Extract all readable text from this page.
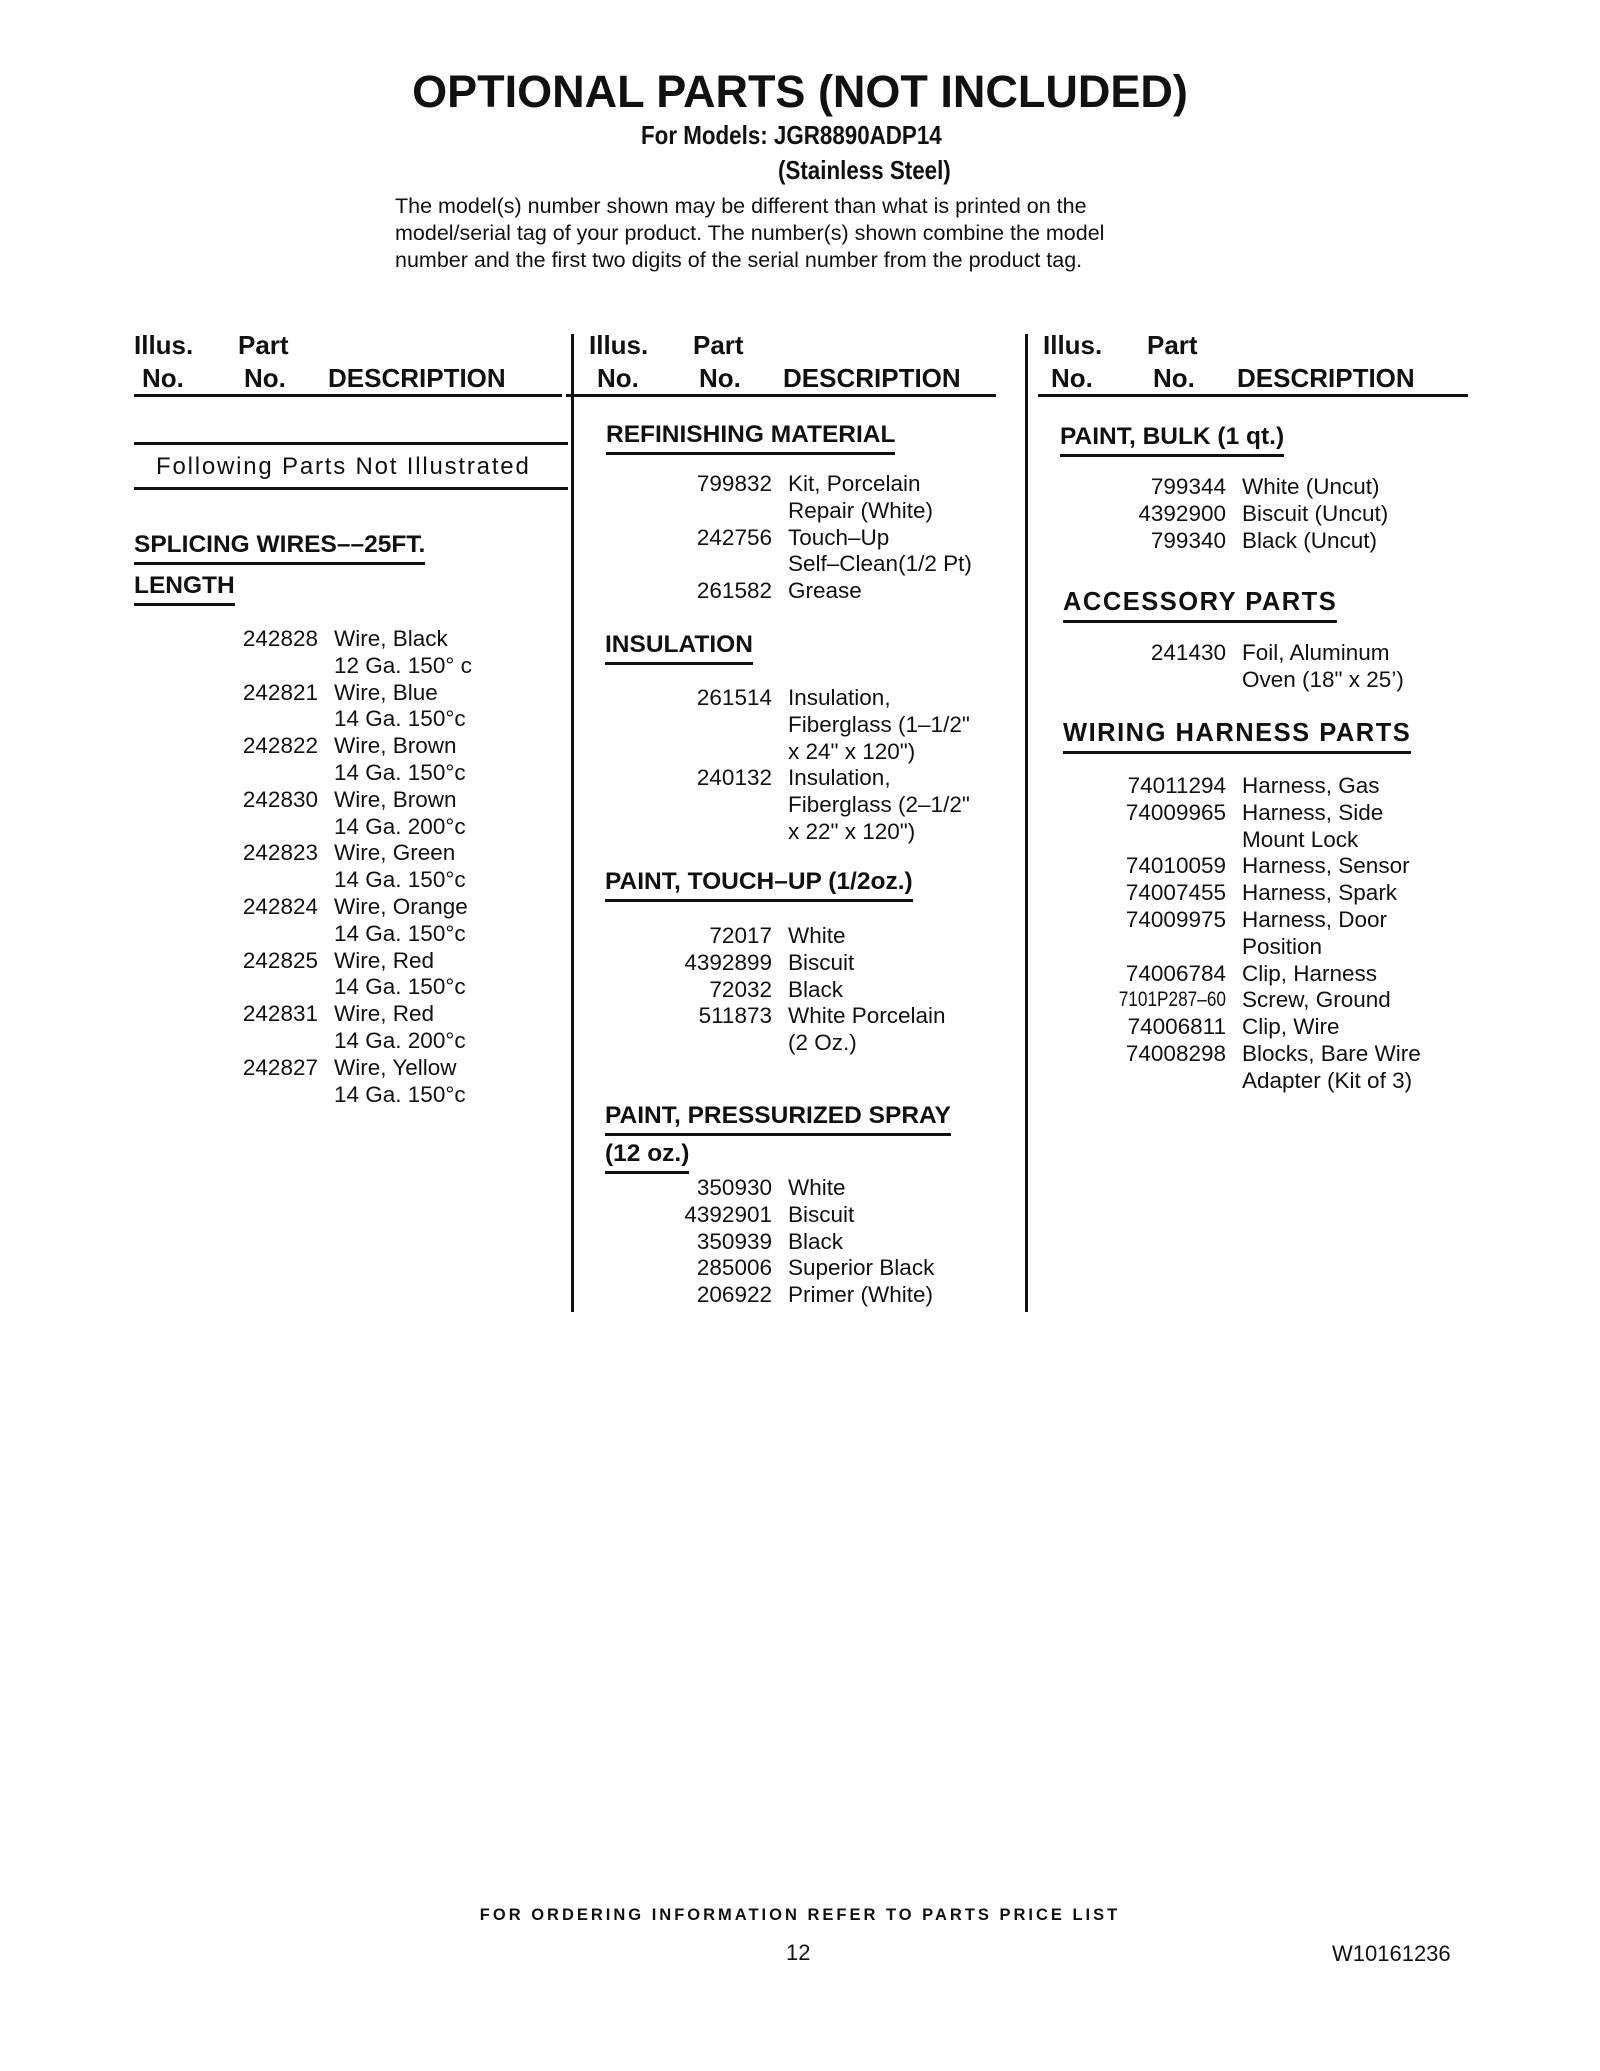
OPTIONAL PARTS (NOT INCLUDED)
For Models: JGR8890ADP14
(Stainless Steel)
The model(s) number shown may be different than what is printed on the
model/serial tag of your product. The number(s) shown combine the model
number and the first two digits of the serial number from the product tag.
Illus. Part
No. No. DESCRIPTION
Following Parts Not Illustrated
SPLICING WIRES––25FT.
LENGTH
242828 Wire, Black
12 Ga. 150° c
242821 Wire, Blue
14 Ga. 150°c
242822 Wire, Brown
14 Ga. 150°c
242830 Wire, Brown
14 Ga. 200°c
242823 Wire, Green
14 Ga. 150°c
242824 Wire, Orange
14 Ga. 150°c
242825 Wire, Red
14 Ga. 150°c
242831 Wire, Red
14 Ga. 200°c
242827 Wire, Yellow
14 Ga. 150°c
Illus. Part
No. No. DESCRIPTION
REFINISHING MATERIAL
799832 Kit, Porcelain
Repair (White)
242756 Touch–Up
Self–Clean(1/2 Pt)
261582 Grease
INSULATION
261514 Insulation,
Fiberglass (1–1/2"
x 24" x 120")
240132 Insulation,
Fiberglass (2–1/2"
x 22" x 120")
PAINT, TOUCH–UP (1/2oz.)
72017 White
4392899 Biscuit
72032 Black
511873 White Porcelain
(2 Oz.)
PAINT, PRESSURIZED SPRAY
(12 oz.)
350930 White
4392901 Biscuit
350939 Black
285006 Superior Black
206922 Primer (White)
Illus. Part
No. No. DESCRIPTION
PAINT, BULK (1 qt.)
799344 White (Uncut)
4392900 Biscuit (Uncut)
799340 Black (Uncut)
ACCESSORY PARTS
241430 Foil, Aluminum
Oven (18" x 25’)
WIRING HARNESS PARTS
74011294 Harness, Gas
74009965 Harness, Side
Mount Lock
74010059 Harness, Sensor
74007455 Harness, Spark
74009975 Harness, Door
Position
74006784 Clip, Harness
7101P287–60 Screw, Ground
74006811 Clip, Wire
74008298 Blocks, Bare Wire
Adapter (Kit of 3)
FOR ORDERING INFORMATION REFER TO PARTS PRICE LIST
12	W10161236
